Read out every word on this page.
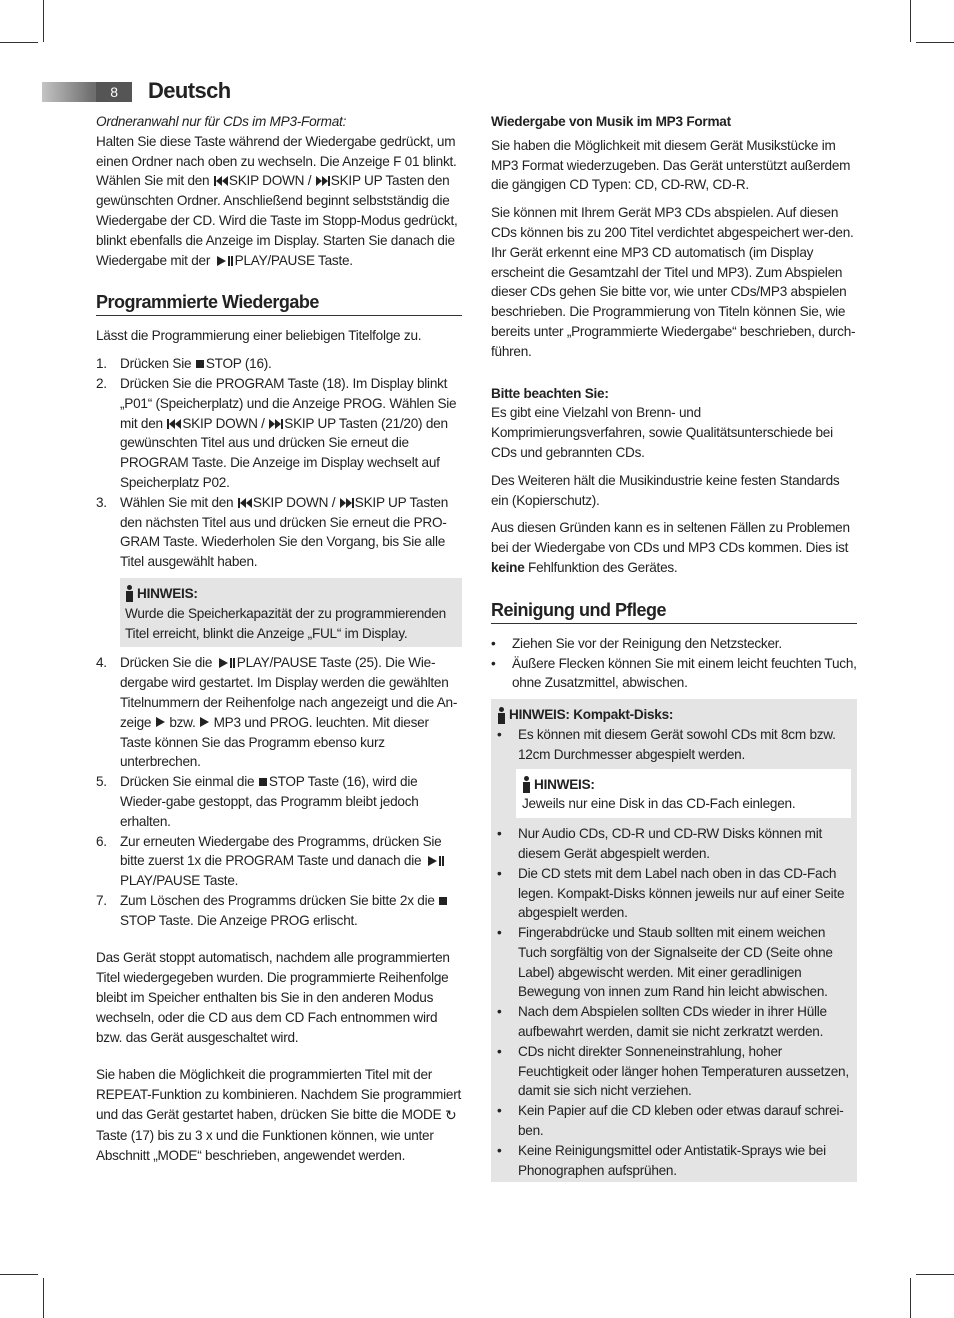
8	Deutsch
Ordneranwahl nur für CDs im MP3-Format:

Halten Sie diese Taste während der Wiedergabe gedrückt, um einen Ordner nach oben zu wechseln. Die Anzeige F 01 blinkt. Wählen Sie mit den SKIP DOWN / SKIP UP Tasten den gewünschten Ordner. Anschließend beginnt selbstständig die Wiedergabe der CD. Wird die Taste im Stopp-Modus gedrückt, blinkt ebenfalls die Anzeige im Display. Starten Sie danach die Wiedergabe mit der PLAY/PAUSE Taste.

Programmierte Wiedergabe

Lässt die Programmierung einer beliebigen Titelfolge zu.

1. Drücken Sie STOP (16).
2. Drücken Sie die PROGRAM Taste (18). Im Display blinkt „P01“ (Speicherplatz) und die Anzeige PROG. Wählen Sie mit den SKIP DOWN / SKIP UP Tasten (21/20) den gewünschten Titel aus und drücken Sie erneut die PROGRAM Taste. Die Anzeige im Display wechselt auf Speicherplatz P02.
3. Wählen Sie mit den SKIP DOWN / SKIP UP Tasten den nächsten Titel aus und drücken Sie erneut die PRO-GRAM Taste. Wiederholen Sie den Vorgang, bis Sie alle Titel ausgewählt haben.
HINWEIS:
Wurde die Speicherkapazität der zu programmierenden Titel erreicht, blinkt die Anzeige „FUL“ im Display.
4. Drücken Sie die PLAY/PAUSE Taste (25). Die Wie-dergabe wird gestartet. Im Display werden die gewählten Titelnummern der Reihenfolge nach angezeigt und die An-zeige bzw. MP3 und PROG. leuchten. Mit dieser Taste können Sie das Programm ebenso kurz unterbrechen.
5. Drücken Sie einmal die STOP Taste (16), wird die Wieder-gabe gestoppt, das Programm bleibt jedoch erhalten.
6. Zur erneuten Wiedergabe des Programms, drücken Sie bitte zuerst 1x die PROGRAM Taste und danach die
PLAY/PAUSE Taste.
7. Zum Löschen des Programms drücken Sie bitte 2x die STOP Taste. Die Anzeige PROG erlischt.

Das Gerät stoppt automatisch, nachdem alle programmierten Titel wiedergegeben wurden. Die programmierte Reihenfolge bleibt im Speicher enthalten bis Sie in den anderen Modus wechseln, oder die CD aus dem CD Fach entnommen wird bzw. das Gerät ausgeschaltet wird.

Sie haben die Möglichkeit die programmierten Titel mit der REPEAT-Funktion zu kombinieren. Nachdem Sie programmiert und das Gerät gestartet haben, drücken Sie bitte die MODE ↻ Taste (17) bis zu 3 x und die Funktionen können, wie unter Abschnitt „MODE“ beschrieben, angewendet werden.

Wiedergabe von Musik im MP3 Format

Sie haben die Möglichkeit mit diesem Gerät Musikstücke im MP3 Format wiederzugeben. Das Gerät unterstützt außerdem die gängigen CD Typen: CD, CD-RW, CD-R.

Sie können mit Ihrem Gerät MP3 CDs abspielen. Auf diesen CDs können bis zu 200 Titel verdichtet abgespeichert wer-den. Ihr Gerät erkennt eine MP3 CD automatisch (im Display erscheint die Gesamtzahl der Titel und MP3). Zum Abspielen dieser CDs gehen Sie bitte vor, wie unter CDs/MP3 abspielen beschrieben. Die Programmierung von Titeln können Sie, wie bereits unter „Programmierte Wiedergabe“ beschrieben, durch-führen.

Bitte beachten Sie:

Es gibt eine Vielzahl von Brenn- und Komprimierungsverfahren, sowie Qualitätsunterschiede bei CDs und gebrannten CDs.

Des Weiteren hält die Musikindustrie keine festen Standards ein (Kopierschutz).

Aus diesen Gründen kann es in seltenen Fällen zu Problemen bei der Wiedergabe von CDs und MP3 CDs kommen. Dies ist keine Fehlfunktion des Gerätes.

Reinigung und Pflege
• Ziehen Sie vor der Reinigung den Netzstecker.
• Äußere Flecken können Sie mit einem leicht feuchten Tuch, ohne Zusatzmittel, abwischen.
HINWEIS: Kompakt-Disks:
• Es können mit diesem Gerät sowohl CDs mit 8cm bzw. 12cm Durchmesser abgespielt werden.
HINWEIS:
Jeweils nur eine Disk in das CD-Fach einlegen.
• Nur Audio CDs, CD-R und CD-RW Disks können mit diesem Gerät abgespielt werden.
• Die CD stets mit dem Label nach oben in das CD-Fach legen. Kompakt-Disks können jeweils nur auf einer Seite abgespielt werden.
• Fingerabdrücke und Staub sollten mit einem weichen Tuch sorgfältig von der Signalseite der CD (Seite ohne Label) abgewischt werden. Mit einer geradlinigen Bewegung von innen zum Rand hin leicht abwischen.
• Nach dem Abspielen sollten CDs wieder in ihrer Hülle aufbewahrt werden, damit sie nicht zerkratzt werden.
• CDs nicht direkter Sonneneinstrahlung, hoher Feuchtigkeit oder länger hohen Temperaturen aussetzen, damit sie sich nicht verziehen.
• Kein Papier auf die CD kleben oder etwas darauf schrei-ben.
• Keine Reinigungsmittel oder Antistatik-Sprays wie bei Phonographen aufsprühen.
